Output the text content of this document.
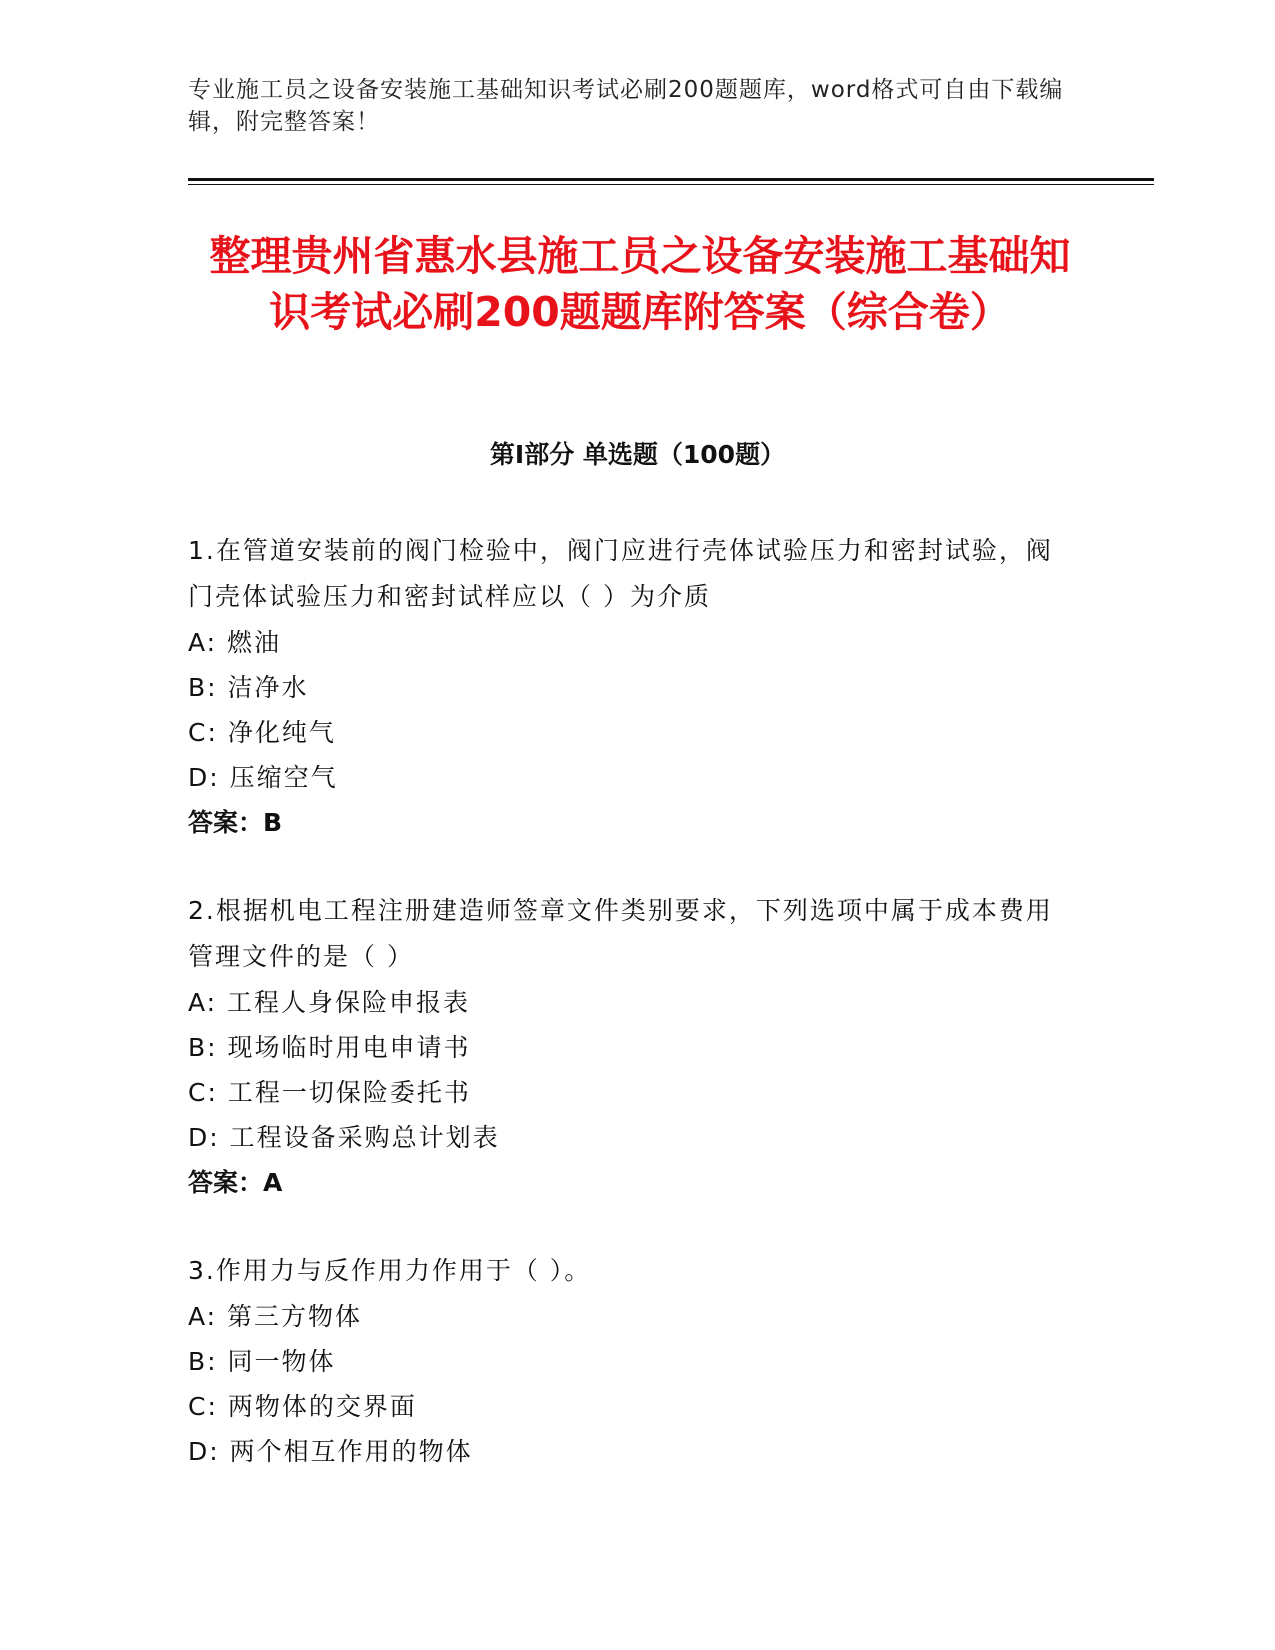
专业施工员之设备安装施工基础知识考试必刷200题题库，word格式可自由下载编辑，附完整答案！
整理贵州省惠水县施工员之设备安装施工基础知识考试必刷200题题库附答案（综合卷）
第Ⅰ部分 单选题（100题）
1.在管道安装前的阀门检验中，阀门应进行壳体试验压力和密封试验，阀门壳体试验压力和密封试样应以（ ）为介质
A: 燃油
B: 洁净水
C: 净化纯气
D: 压缩空气
答案：B
2.根据机电工程注册建造师签章文件类别要求，下列选项中属于成本费用管理文件的是（ ）
A: 工程人身保险申报表
B: 现场临时用电申请书
C: 工程一切保险委托书
D: 工程设备采购总计划表
答案：A
3.作用力与反作用力作用于（ ）。
A: 第三方物体
B: 同一物体
C: 两物体的交界面
D: 两个相互作用的物体
